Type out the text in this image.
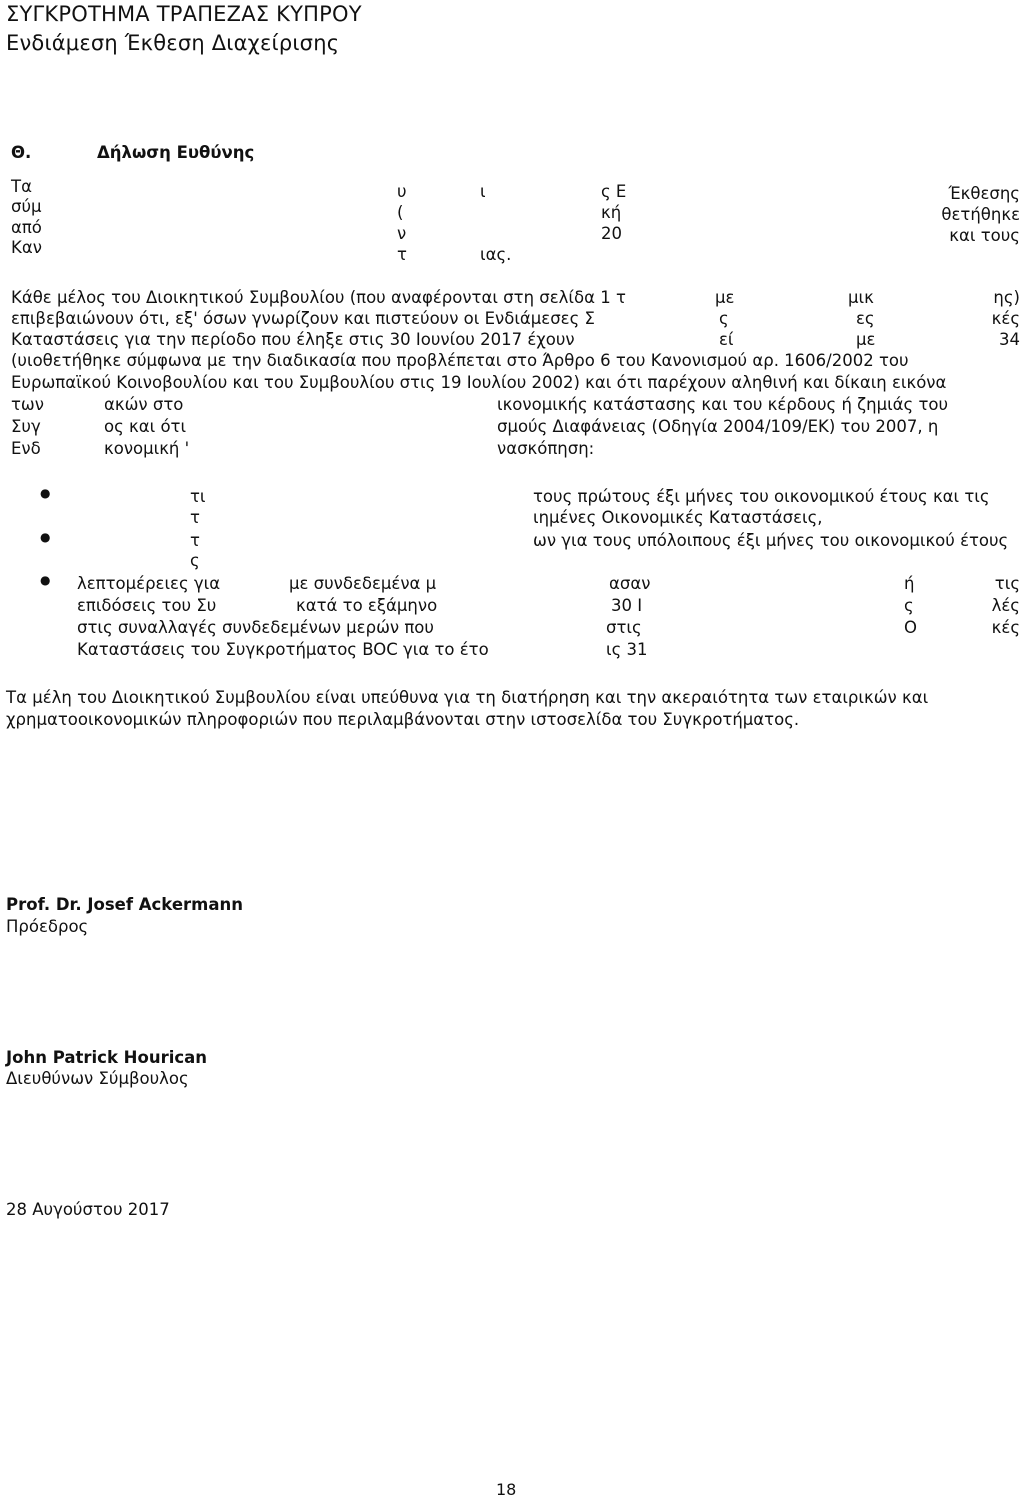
ΣΥΓΚΡΟΤΗΜΑ ΤΡΑΠΕΖΑΣ ΚΥΠΡΟΥ
Ενδιάμεση Έκθεση Διαχείρισης
Θ.	Δήλωση Ευθύνης
Τα
σύμ
από
Καν
υ
(
ν
τ
ι
ιας.
ς Ε
κή
20
Έκθεσης
θετήθηκε
και τους
Κάθε μέλος του Διοικητικού Συμβουλίου (που αναφέρονται στη σελίδα 1 τ	με	μικ	ης)
επιβεβαιώνουν ότι, εξ' όσων γνωρίζουν και πιστεύουν οι Ενδιάμεσες Σ	ς	ες	κές
Καταστάσεις για την περίοδο που έληξε στις 30 Ιουνίου 2017 έχουν	εί	με	34
(υιοθετήθηκε σύμφωνα με την διαδικασία που προβλέπεται στο Άρθρο 6 του Κανονισμού αρ. 1606/2002 του
Ευρωπαϊκού Κοινοβουλίου και του Συμβουλίου στις 19 Ιουλίου 2002) και ότι παρέχουν αληθινή και δίκαιη εικόνα
των	ακών στο	ικονομικής κατάστασης και του κέρδους ή ζημιάς του
Συγ	ος και ότι	σμούς Διαφάνειας (Οδηγία 2004/109/ΕΚ) του 2007, η
Ενδ	κονομική '	νασκόπηση:
●	τι	τους πρώτους έξι μήνες του οικονομικού έτους και τις
τ	ιημένες Οικονομικές Καταστάσεις,
●	τ	ων για τους υπόλοιπους έξι μήνες του οικονομικού έτους
ς
● λεπτομέρειες για	με συνδεδεμένα μ	ασαν	ή	τις
επιδόσεις του Συ	κατά το εξάμηνο	30 Ι	ς	λές
στις συναλλαγές συνδεδεμένων μερών που	στις	Ο	κές
Καταστάσεις του Συγκροτήματος BOC για το έτο	ις 31
Τα μέλη του Διοικητικού Συμβουλίου είναι υπεύθυνα για τη διατήρηση και την ακεραιότητα των εταιρικών και
χρηματοοικονομικών πληροφοριών που περιλαμβάνονται στην ιστοσελίδα του Συγκροτήματος.
Prof. Dr. Josef Ackermann
Πρόεδρος
John Patrick Hourican
Διευθύνων Σύμβουλος
28 Αυγούστου 2017
18
